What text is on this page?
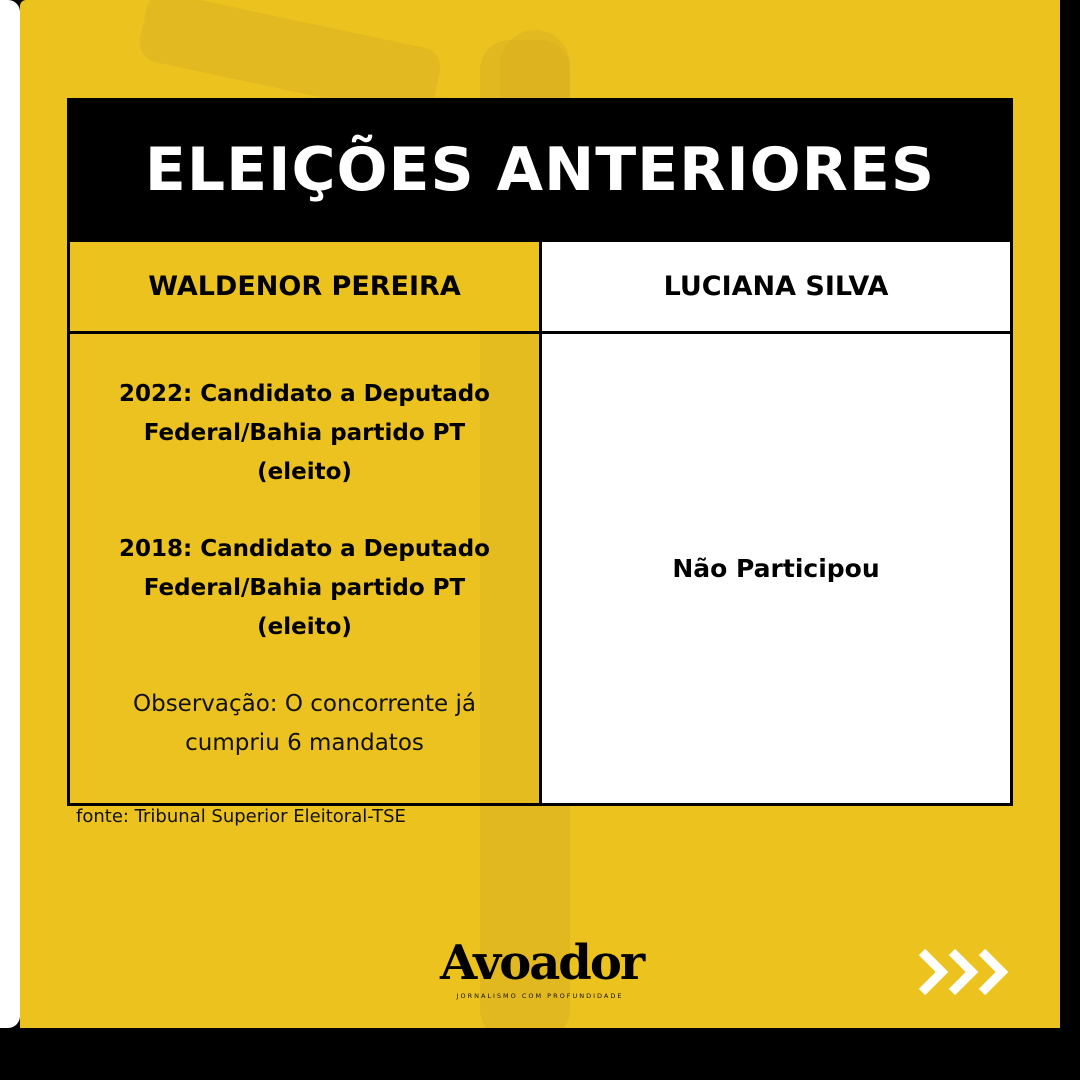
ELEIÇÕES ANTERIORES
WALDENOR PEREIRA	LUCIANA SILVA

2022: Candidato a Deputado Federal/Bahia partido PT (eleito)

2018: Candidato a Deputado Federal/Bahia partido PT (eleito)

Observação: O concorrente já cumpriu 6 mandatos
Não Participou
fonte: Tribunal Superior Eleitoral-TSE
Avoador
JORNALISMO COM PROFUNDIDADE
